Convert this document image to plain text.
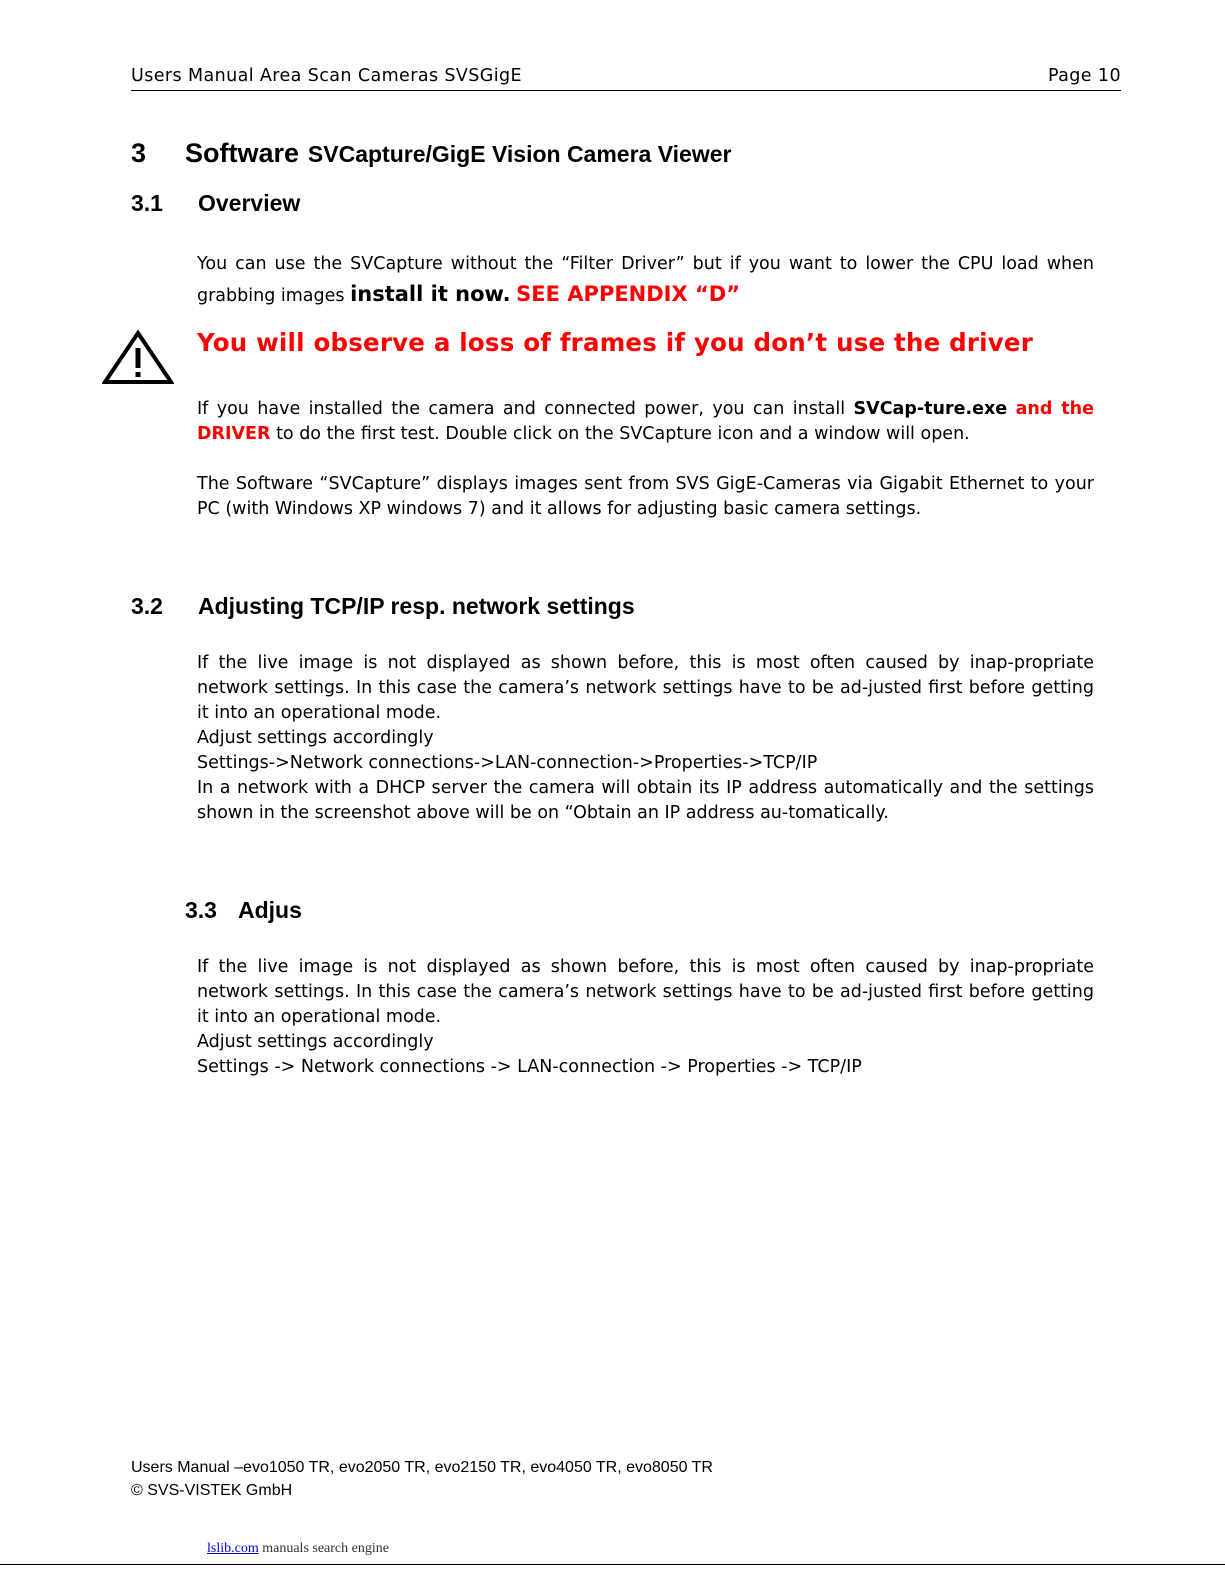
Users Manual Area Scan Cameras SVSGigE	Page 10
3 Software SVCapture/GigE Vision Camera Viewer
3.1 Overview
You can use the SVCapture without the “Filter Driver” but if you want to lower the CPU load when grabbing images install it now. SEE APPENDIX “D”
You will observe a loss of frames if you don’t use the driver
If you have installed the camera and connected power, you can install SVCap-ture.exe and the DRIVER to do the first test. Double click on the SVCapture icon and a window will open.
The Software “SVCapture” displays images sent from SVS GigE-Cameras via Gigabit Ethernet to your PC (with Windows XP windows 7) and it allows for adjusting basic camera settings.
3.2 Adjusting TCP/IP resp. network settings
If the live image is not displayed as shown before, this is most often caused by inap-propriate network settings. In this case the camera’s network settings have to be ad-justed first before getting it into an operational mode.
Adjust settings accordingly
Settings->Network connections->LAN-connection->Properties->TCP/IP
In a network with a DHCP server the camera will obtain its IP address automatically and the settings shown in the screenshot above will be on “Obtain an IP address au-tomatically.
3.3 Adjus
If the live image is not displayed as shown before, this is most often caused by inap-propriate network settings. In this case the camera’s network settings have to be ad-justed first before getting it into an operational mode.
Adjust settings accordingly
Settings -> Network connections -> LAN-connection -> Properties -> TCP/IP
Users Manual –evo1050 TR, evo2050 TR, evo2150 TR, evo4050 TR, evo8050 TR
© SVS-VISTEK GmbH
lslib.com manuals search engine
